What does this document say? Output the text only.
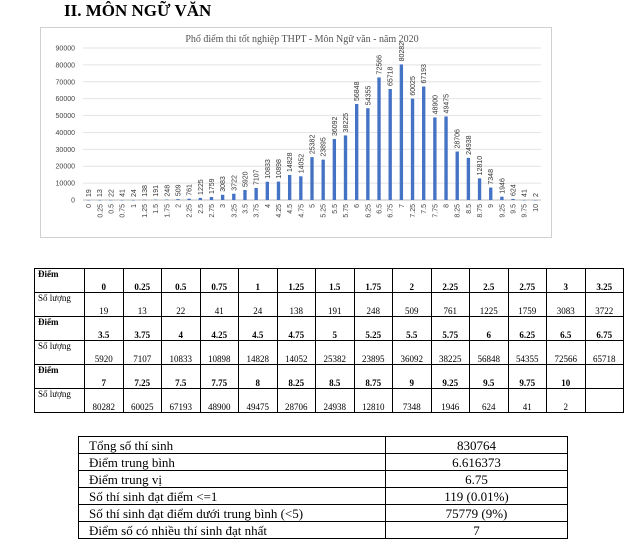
II. MÔN NGỮ VĂN
Phổ điểm thi tốt nghiệp THPT - Môn Ngữ văn - năm 2020
0
10000
20000
30000
40000
50000
60000
70000
80000
90000
19
0
13
0.25
22
0.5
41
0.75
24
1
138
1.25
191
1.5
248
1.75
509
2
761
2.25
1225
2.5
1759
2.75
3083
3
3722
3.25
5920
3.5
7107
3.75
10833
4
10898
4.25
14828
4.5
14052
4.75
25382
5
23895
5.25
36092
5.5
38225
5.75
56848
6
54355
6.25
72566
6.5
65718
6.75
80282
7
60025
7.25
67193
7.5
48900
7.75
49475
8
28706
8.25
24938
8.5
12810
8.75
7348
9
1946
9.25
624
9.5
41
9.75
2
10
Điểm	0	0.25	0.5	0.75	1	1.25	1.5	1.75	2	2.25	2.5	2.75	3	3.25
Số lượng	19	13	22	41	24	138	191	248	509	761	1225	1759	3083	3722
Điểm	3.5	3.75	4	4.25	4.5	4.75	5	5.25	5.5	5.75	6	6.25	6.5	6.75
Số lượng	5920	7107	10833	10898	14828	14052	25382	23895	36092	38225	56848	54355	72566	65718
Điểm	7	7.25	7.5	7.75	8	8.25	8.5	8.75	9	9.25	9.5	9.75	10	
Số lượng	80282	60025	67193	48900	49475	28706	24938	12810	7348	1946	624	41	2	
Tổng số thí sinh	830764
Điểm trung bình	6.616373
Điểm trung vị	6.75
Số thí sinh đạt điểm <=1	119 (0.01%)
Số thí sinh đạt điểm dưới trung bình (<5)	75779 (9%)
Điểm số có nhiều thí sinh đạt nhất	7
